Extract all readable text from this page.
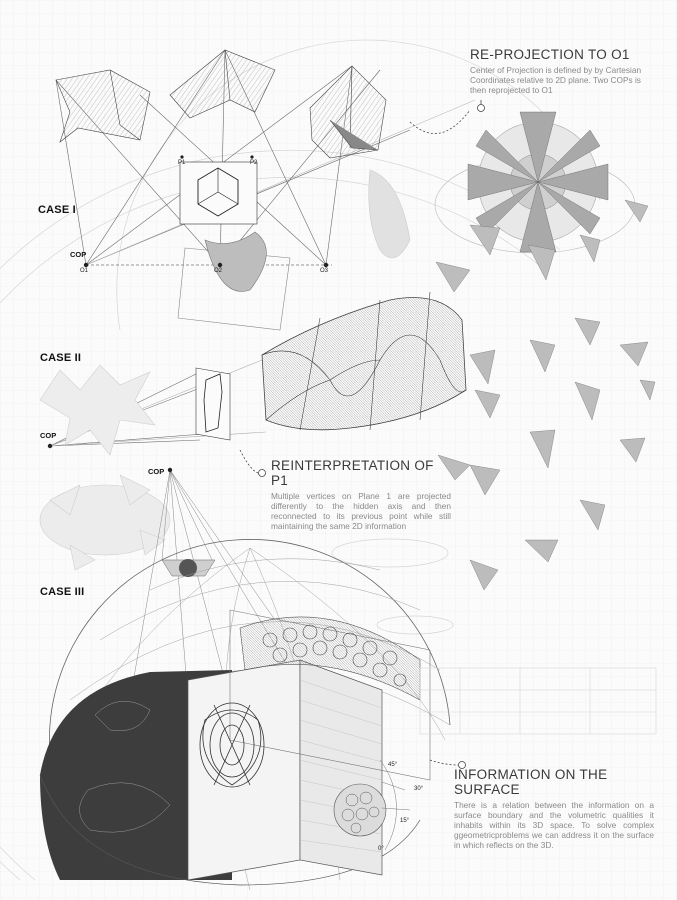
CASE I
CASE II
CASE III
COP
COP
COP
O1	O2	O3
P1	P2
45°
30°
15°
0°
RE-PROJECTION TO O1
Center of Projection is defined by by Cartesian Coordinates relative to 2D plane. Two COPs is then reprojected to O1
REINTERPRETATION OF P1
Multiple vertices on Plane 1 are projected differently to the hidden axis and then reconnected to its previous point while still maintaining the same 2D information
INFORMATION ON THE SURFACE
There is a relation between the information on a surface boundary and the volumetric qualities it inhabits within its 3D space. To solve complex ggeometricproblems we can address it on the surface in which reflects on the 3D.
